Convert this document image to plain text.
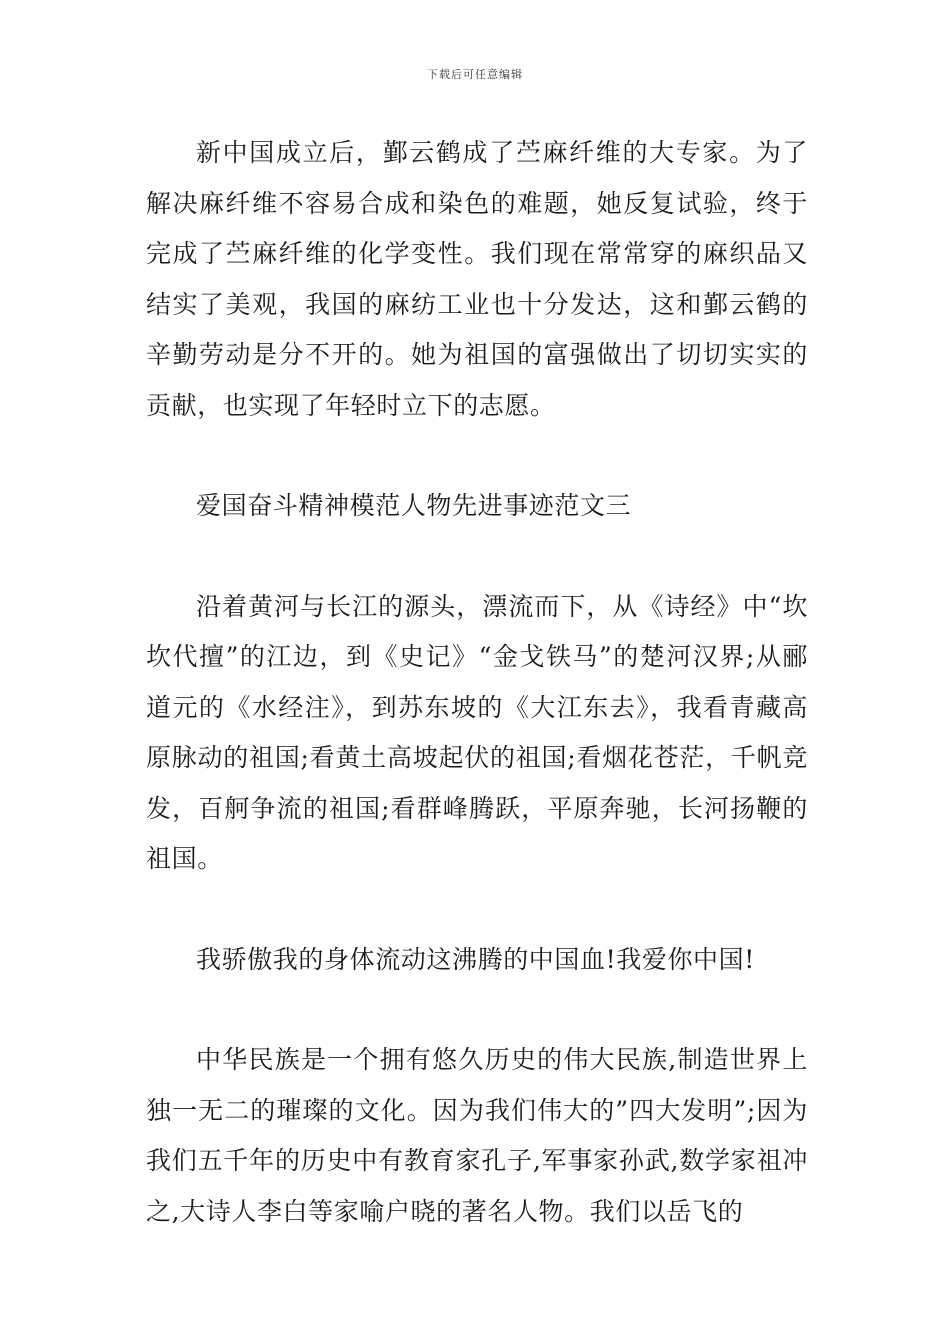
下载后可任意编辑

新中国成立后，鄞云鹤成了苎麻纤维的大专家。为了解决麻纤维不容易合成和染色的难题，她反复试验，终于完成了苎麻纤维的化学变性。我们现在常常穿的麻织品又结实了美观，我国的麻纺工业也十分发达，这和鄞云鹤的辛勤劳动是分不开的。她为祖国的富强做出了切切实实的贡献，也实现了年轻时立下的志愿。

爱国奋斗精神模范人物先进事迹范文三

沿着黄河与长江的源头，漂流而下，从《诗经》中“坎坎代擅”的江边，到《史记》“金戈铁马”的楚河汉界;从郦道元的《水经注》，到苏东坡的《大江东去》，我看青藏高原脉动的祖国;看黄土高坡起伏的祖国;看烟花苍茫，千帆竞发，百舸争流的祖国;看群峰腾跃，平原奔驰，长河扬鞭的祖国。

我骄傲我的身体流动这沸腾的中国血!我爱你中国!

中华民族是一个拥有悠久历史的伟大民族,制造世界上独一无二的璀璨的文化。因为我们伟大的”四大发明”;因为我们五千年的历史中有教育家孔子,军事家孙武,数学家祖冲之,大诗人李白等家喻户晓的著名人物。我们以岳飞的
